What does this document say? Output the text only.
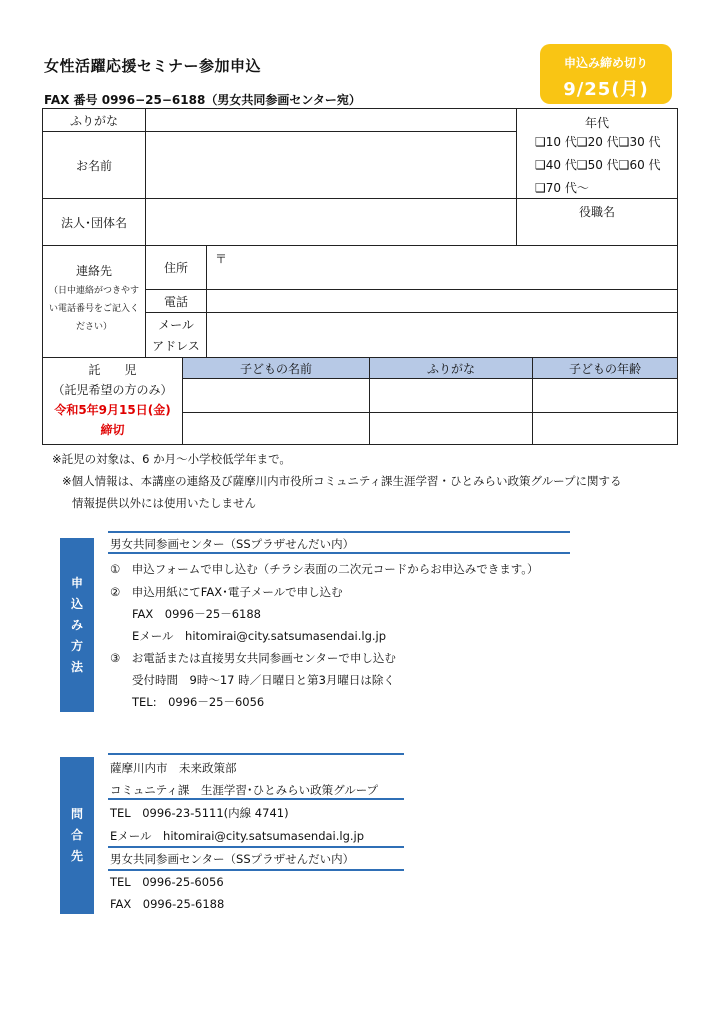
女性活躍応援セミナー参加申込
FAX 番号 0996−25−6188（男女共同参画センター宛）
申込み締め切り
9/25(月)
ふりがな
お名前
年代
❑10 代❑20 代❑30 代
❑40 代❑50 代❑60 代
❑70 代～
法人･団体名
役職名
連絡先
（日中連絡がつきやすい電話番号をご記入ください）
住所
〒
電話
メール
アドレス
託　　児
（託児希望の方のみ）
令和5年9月15日(金)
締切
子どもの名前	ふりがな	子どもの年齢
※託児の対象は、6 か月～小学校低学年まで。
※個人情報は、本講座の連絡及び薩摩川内市役所コミュニティ課生涯学習・ひとみらい政策グループに関する
情報提供以外には使用いたしません
申
込
み
方
法
男女共同参画センター（SSプラザせんだい内）
①　申込フォームで申し込む（チラシ表面の二次元コードからお申込みできます。）
②　申込用紙にてFAX･電子メールで申し込む
FAX　0996－25－6188
Eメール　hitomirai@city.satsumasendai.lg.jp
③　お電話または直接男女共同参画センターで申し込む
受付時間　9時～17 時／日曜日と第3月曜日は除く
TEL:　0996－25－6056
問
合
先
薩摩川内市　未来政策部
コミュニティ課　生涯学習･ひとみらい政策グループ
TEL　0996-23-5111(内線 4741)
Eメール　hitomirai@city.satsumasendai.lg.jp
男女共同参画センター（SSプラザせんだい内）
TEL　0996-25-6056
FAX　0996-25-6188
